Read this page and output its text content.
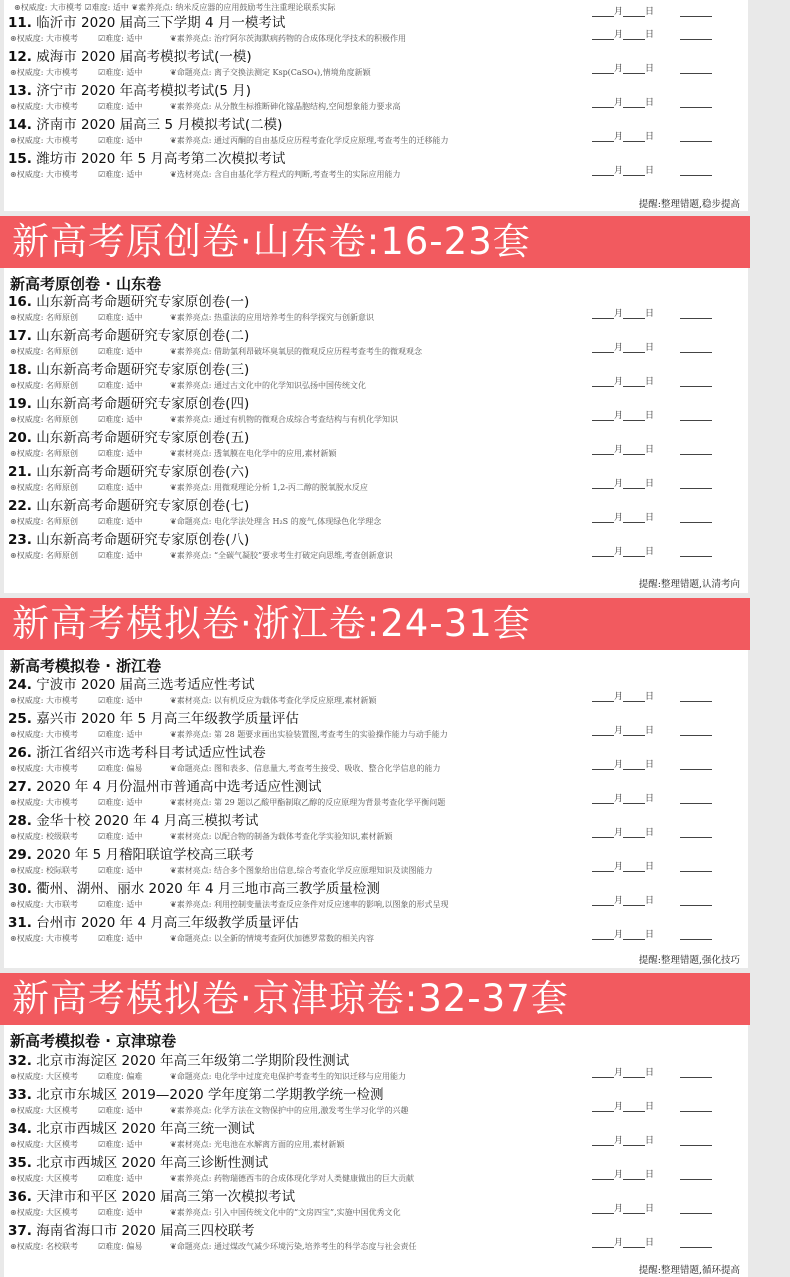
⊛权威度: 大市模考 ☑难度: 适中 ❦素养亮点: 纳米反应器的应用鼓励考生注重理论联系实际	月 日
提醒:整理错题,稳步提高
11. 临沂市 2020 届高三下学期 4 月一模考试
⊛权威度: 大市模考	☑难度: 适中	❦素养亮点: 治疗阿尔茨海默病药物的合成体现化学技术的积极作用	月 日
12. 威海市 2020 届高考模拟考试(一模)
⊛权威度: 大市模考	☑难度: 适中	❦命题亮点: 离子交换法测定 Ksp(CaSO₄),情境角度新颖	月 日
13. 济宁市 2020 年高考模拟考试(5 月)
⊛权威度: 大市模考	☑难度: 适中	❦素养亮点: 从分散生标推断砷化镓晶胞结构,空间想象能力要求高	月 日
14. 济南市 2020 届高三 5 月模拟考试(二模)
⊛权威度: 大市模考	☑难度: 适中	❦素养亮点: 通过丙酮的自由基反应历程考查化学反应原理,考查考生的迁移能力	月 日
15. 潍坊市 2020 年 5 月高考第二次模拟考试
⊛权威度: 大市模考	☑难度: 适中	❦选材亮点: 含自由基化学方程式的判断,考查考生的实际应用能力	月 日
新高考原创卷·山东卷:16-23套
新高考原创卷 · 山东卷
提醒:整理错题,认清考向
16. 山东新高考命题研究专家原创卷(一)
⊛权威度: 名师原创	☑难度: 适中	❦素养亮点: 热重法的应用培养考生的科学探究与创新意识	月 日
17. 山东新高考命题研究专家原创卷(二)
⊛权威度: 名师原创	☑难度: 适中	❦素养亮点: 借助氯利昂破坏臭氧层的微观反应历程考查考生的微观观念	月 日
18. 山东新高考命题研究专家原创卷(三)
⊛权威度: 名师原创	☑难度: 适中	❦素养亮点: 通过古文化中的化学知识弘扬中国传统文化	月 日
19. 山东新高考命题研究专家原创卷(四)
⊛权威度: 名师原创	☑难度: 适中	❦素养亮点: 通过有机物的微观合成综合考查结构与有机化学知识	月 日
20. 山东新高考命题研究专家原创卷(五)
⊛权威度: 名师原创	☑难度: 适中	❦素材亮点: 透氧膜在电化学中的应用,素材新颖	月 日
21. 山东新高考命题研究专家原创卷(六)
⊛权威度: 名师原创	☑难度: 适中	❦素养亮点: 用微观理论分析 1,2-丙二醇的脱氧脱水反应	月 日
22. 山东新高考命题研究专家原创卷(七)
⊛权威度: 名师原创	☑难度: 适中	❦命题亮点: 电化学法处理含 H₂S 的废气,体现绿色化学理念	月 日
23. 山东新高考命题研究专家原创卷(八)
⊛权威度: 名师原创	☑难度: 适中	❦素养亮点: “全碳气凝胶”要求考生打破定向思维,考查创新意识	月 日
新高考模拟卷·浙江卷:24-31套
新高考模拟卷 · 浙江卷
提醒:整理错题,强化技巧
24. 宁波市 2020 届高三选考适应性考试
⊛权威度: 大市模考	☑难度: 适中	❦素材亮点: 以有机反应为载体考查化学反应原理,素材新颖	月 日
25. 嘉兴市 2020 年 5 月高三年级教学质量评估
⊛权威度: 大市模考	☑难度: 适中	❦素养亮点: 第 28 题要求画出实验装置图,考查考生的实验操作能力与动手能力	月 日
26. 浙江省绍兴市选考科目考试适应性试卷
⊛权威度: 大市模考	☑难度: 偏易	❦命题亮点: 图和表多、信息量大,考查考生接受、吸收、整合化学信息的能力	月 日
27. 2020 年 4 月份温州市普通高中选考适应性测试
⊛权威度: 大市模考	☑难度: 适中	❦素材亮点: 第 29 题以乙酸甲酯制取乙醇的反应原理为背景考查化学平衡问题	月 日
28. 金华十校 2020 年 4 月高三模拟考试
⊛权威度: 校级联考	☑难度: 适中	❦素材亮点: 以配合物的制备为载体考查化学实验知识,素材新颖	月 日
29. 2020 年 5 月稽阳联谊学校高三联考
⊛权威度: 校际联考	☑难度: 适中	❦素材亮点: 结合多个图象给出信息,综合考查化学反应原理知识及读图能力	月 日
30. 衢州、湖州、丽水 2020 年 4 月三地市高三教学质量检测
⊛权威度: 大市联考	☑难度: 适中	❦素养亮点: 利用控制变量法考查反应条件对反应速率的影响,以图象的形式呈现	月 日
31. 台州市 2020 年 4 月高三年级教学质量评估
⊛权威度: 大市模考	☑难度: 适中	❦命题亮点: 以全新的情境考查阿伏加德罗常数的相关内容	月 日
新高考模拟卷·京津琼卷:32-37套
新高考模拟卷 · 京津琼卷
提醒:整理错题,循环提高
32. 北京市海淀区 2020 年高三年级第二学期阶段性测试
⊛权威度: 大区模考	☑难度: 偏难	❦命题亮点: 电化学中过度充电保护考查考生的知识迁移与应用能力	月 日
33. 北京市东城区 2019—2020 学年度第二学期教学统一检测
⊛权威度: 大区模考	☑难度: 适中	❦素养亮点: 化学方法在文物保护中的应用,激发考生学习化学的兴趣	月 日
34. 北京市西城区 2020 年高三统一测试
⊛权威度: 大区模考	☑难度: 适中	❦素材亮点: 光电池在水解离方面的应用,素材新颖	月 日
35. 北京市西城区 2020 年高三诊断性测试
⊛权威度: 大区模考	☑难度: 适中	❦素养亮点: 药物瑞德西韦的合成体现化学对人类健康做出的巨大贡献	月 日
36. 天津市和平区 2020 届高三第一次模拟考试
⊛权威度: 大区模考	☑难度: 适中	❦素养亮点: 引入中国传统文化中的“文房四宝”,实施中国优秀文化	月 日
37. 海南省海口市 2020 届高三四校联考
⊛权威度: 名校联考	☑难度: 偏易	❦命题亮点: 通过煤改气减少环境污染,培养考生的科学态度与社会责任	月 日
